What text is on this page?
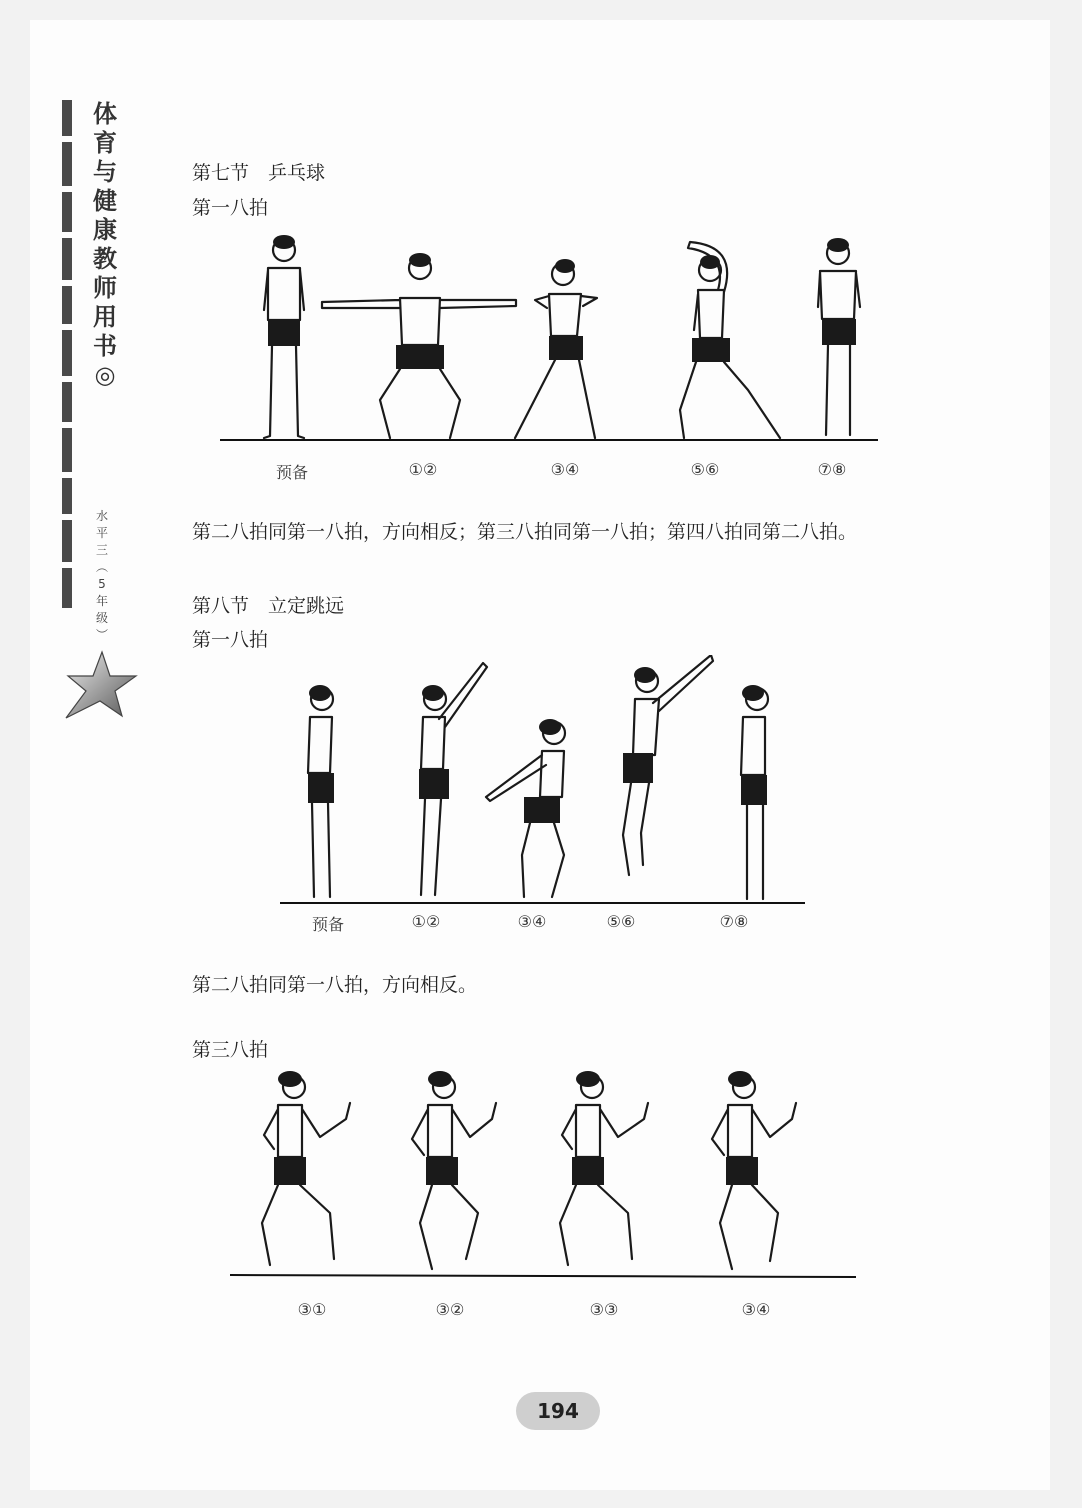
体
育
与
健
康
教
师
用
书
◎
水
平
三
︵
5
年
级
︶
第七节　乒乓球
第一八拍
预备	①②	③④	⑤⑥	⑦⑧
第二八拍同第一八拍，方向相反；第三八拍同第一八拍；第四八拍同第二八拍。
第八节　立定跳远
第一八拍
预备	①②	③④	⑤⑥	⑦⑧
第二八拍同第一八拍，方向相反。
第三八拍
③①	③②	③③	③④
194
